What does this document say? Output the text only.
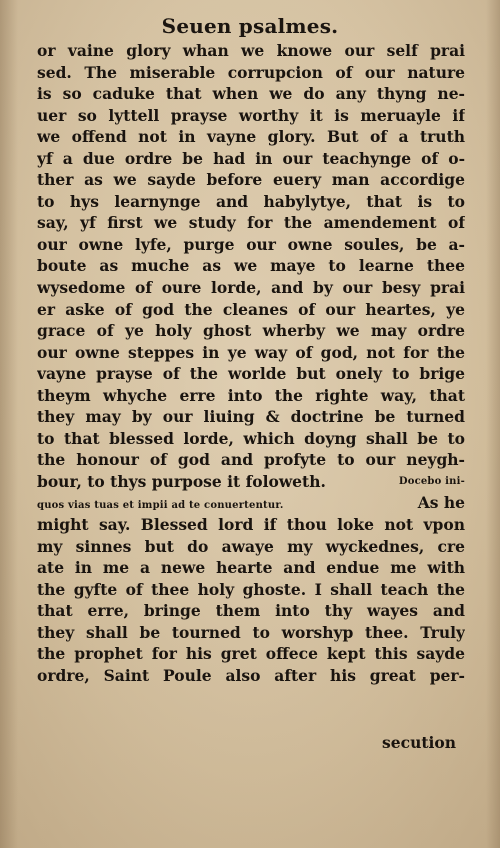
Seuen psalmes.
or vaine glory whan we knowe our self prai
sed. The miserable corrupcion of our nature
is so caduke that when we do any thyng ne-
uer so lyttell prayse worthy it is meruayle if
we offend not in vayne glory. But of a truth
yf a due ordre be had in our teachynge of o-
ther as we sayde before euery man accordige
to hys learnynge and habylytye, that is to
say, yf first we study for the amendement of
our owne lyfe, purge our owne soules, be a-
boute as muche as we maye to learne thee
wysedome of oure lorde, and by our besy prai
er aske of god the cleanes of our heartes, ye
grace of ye holy ghost wherby we may ordre
our owne steppes in ye way of god, not for the
vayne prayse of the worlde but onely to brige
theym whyche erre into the righte way, that
they may by our liuing & doctrine be turned
to that blessed lorde, which doyng shall be to
the honour of god and profyte to our neygh-
bour, to thys purpose it foloweth.	Docebo ini-
quos vias tuas et impii ad te conuertentur.	As he
might say. Blessed lord if thou loke not vpon
my sinnes but do awaye my wyckednes, cre
ate in me a newe hearte and endue me with
the gyfte of thee holy ghoste. I shall teach the
that erre, bringe them into thy wayes and
they shall be tourned to worshyp thee. Truly
the prophet for his gret offece kept this sayde
ordre, Saint Poule also after his great per-
secution
